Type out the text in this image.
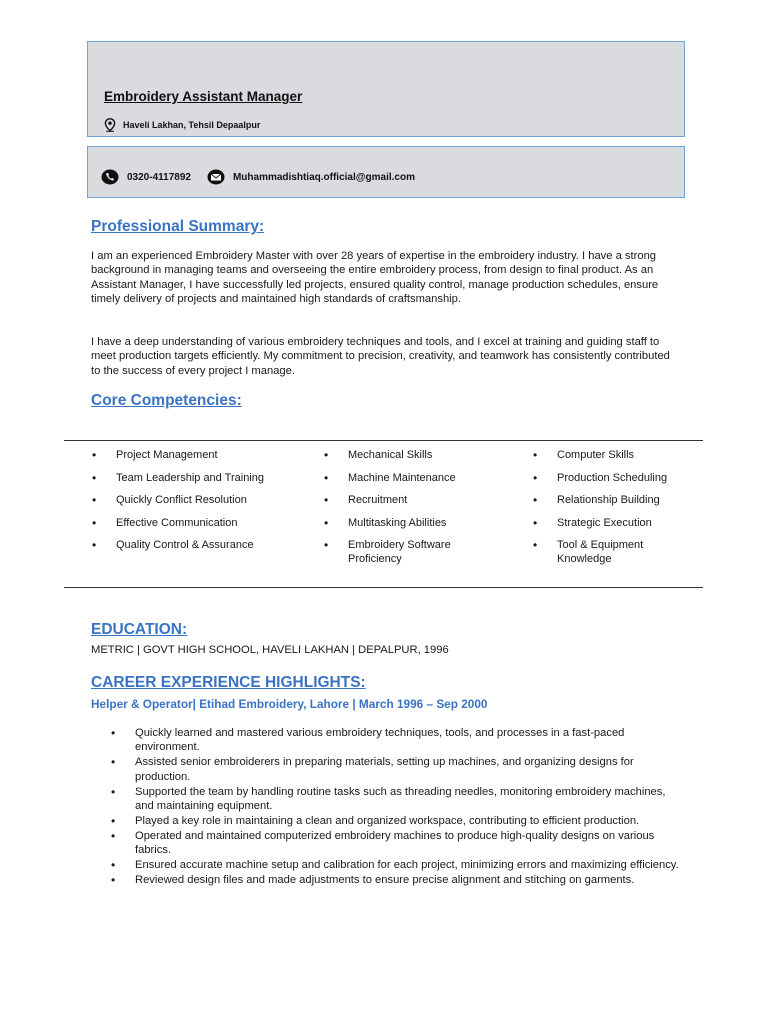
Embroidery Assistant Manager
Haveli Lakhan, Tehsil Depaalpur
0320-4117892	Muhammadishtiaq.official@gmail.com
Professional Summary:
I am an experienced Embroidery Master with over 28 years of expertise in the embroidery industry. I have a strong background in managing teams and overseeing the entire embroidery process, from design to final product. As an Assistant Manager, I have successfully led projects, ensured quality control, manage production schedules, ensure timely delivery of projects and maintained high standards of craftsmanship.
I have a deep understanding of various embroidery techniques and tools, and I excel at training and guiding staff to meet production targets efficiently. My commitment to precision, creativity, and teamwork has consistently contributed to the success of every project I manage.
Core Competencies:
• Project Management
• Team Leadership and Training
• Quickly Conflict Resolution
• Effective Communication
• Quality Control & Assurance
• Mechanical Skills
• Machine Maintenance
• Recruitment
• Multitasking Abilities
• Embroidery Software Proficiency
• Computer Skills
• Production Scheduling
• Relationship Building
• Strategic Execution
• Tool & Equipment Knowledge
EDUCATION:
METRIC | GOVT HIGH SCHOOL, HAVELI LAKHAN | DEPALPUR, 1996
CAREER EXPERIENCE HIGHLIGHTS:
Helper & Operator| Etihad Embroidery, Lahore | March 1996 – Sep 2000
• Quickly learned and mastered various embroidery techniques, tools, and processes in a fast-paced environment.
• Assisted senior embroiderers in preparing materials, setting up machines, and organizing designs for production.
• Supported the team by handling routine tasks such as threading needles, monitoring embroidery machines, and maintaining equipment.
• Played a key role in maintaining a clean and organized workspace, contributing to efficient production.
• Operated and maintained computerized embroidery machines to produce high-quality designs on various fabrics.
• Ensured accurate machine setup and calibration for each project, minimizing errors and maximizing efficiency.
• Reviewed design files and made adjustments to ensure precise alignment and stitching on garments.
